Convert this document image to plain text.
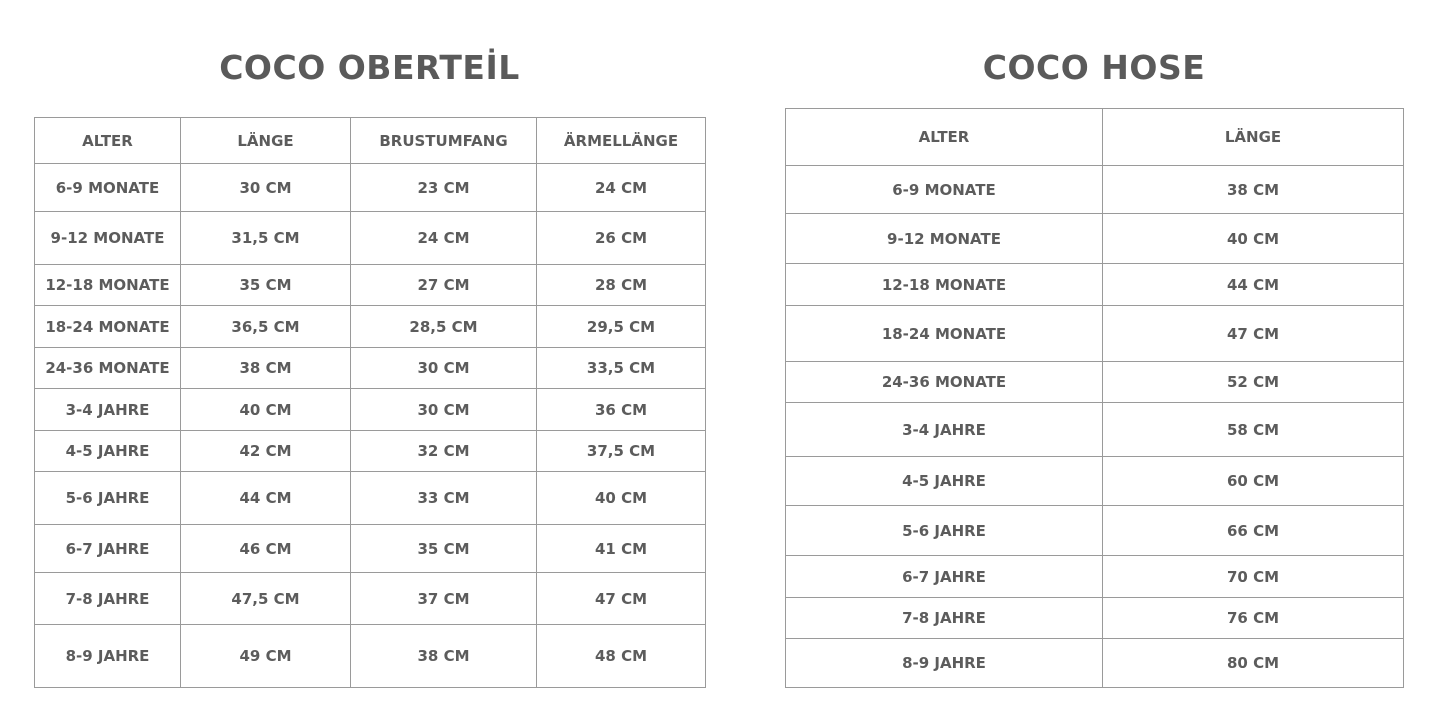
COCO OBERTEİL	COCO HOSE
ALTER	LÄNGE	BRUSTUMFANG	ÄRMELLÄNGE
6-9 MONATE	30 CM	23 CM	24 CM
9-12 MONATE	31,5 CM	24 CM	26 CM
12-18 MONATE	35 CM	27 CM	28 CM
18-24 MONATE	36,5 CM	28,5 CM	29,5 CM
24-36 MONATE	38 CM	30 CM	33,5 CM
3-4 JAHRE	40 CM	30 CM	36 CM
4-5 JAHRE	42 CM	32 CM	37,5 CM
5-6 JAHRE	44 CM	33 CM	40 CM
6-7 JAHRE	46 CM	35 CM	41 CM
7-8 JAHRE	47,5 CM	37 CM	47 CM
8-9 JAHRE	49 CM	38 CM	48 CM
ALTER	LÄNGE
6-9 MONATE	38 CM
9-12 MONATE	40 CM
12-18 MONATE	44 CM
18-24 MONATE	47 CM
24-36 MONATE	52 CM
3-4 JAHRE	58 CM
4-5 JAHRE	60 CM
5-6 JAHRE	66 CM
6-7 JAHRE	70 CM
7-8 JAHRE	76 CM
8-9 JAHRE	80 CM
